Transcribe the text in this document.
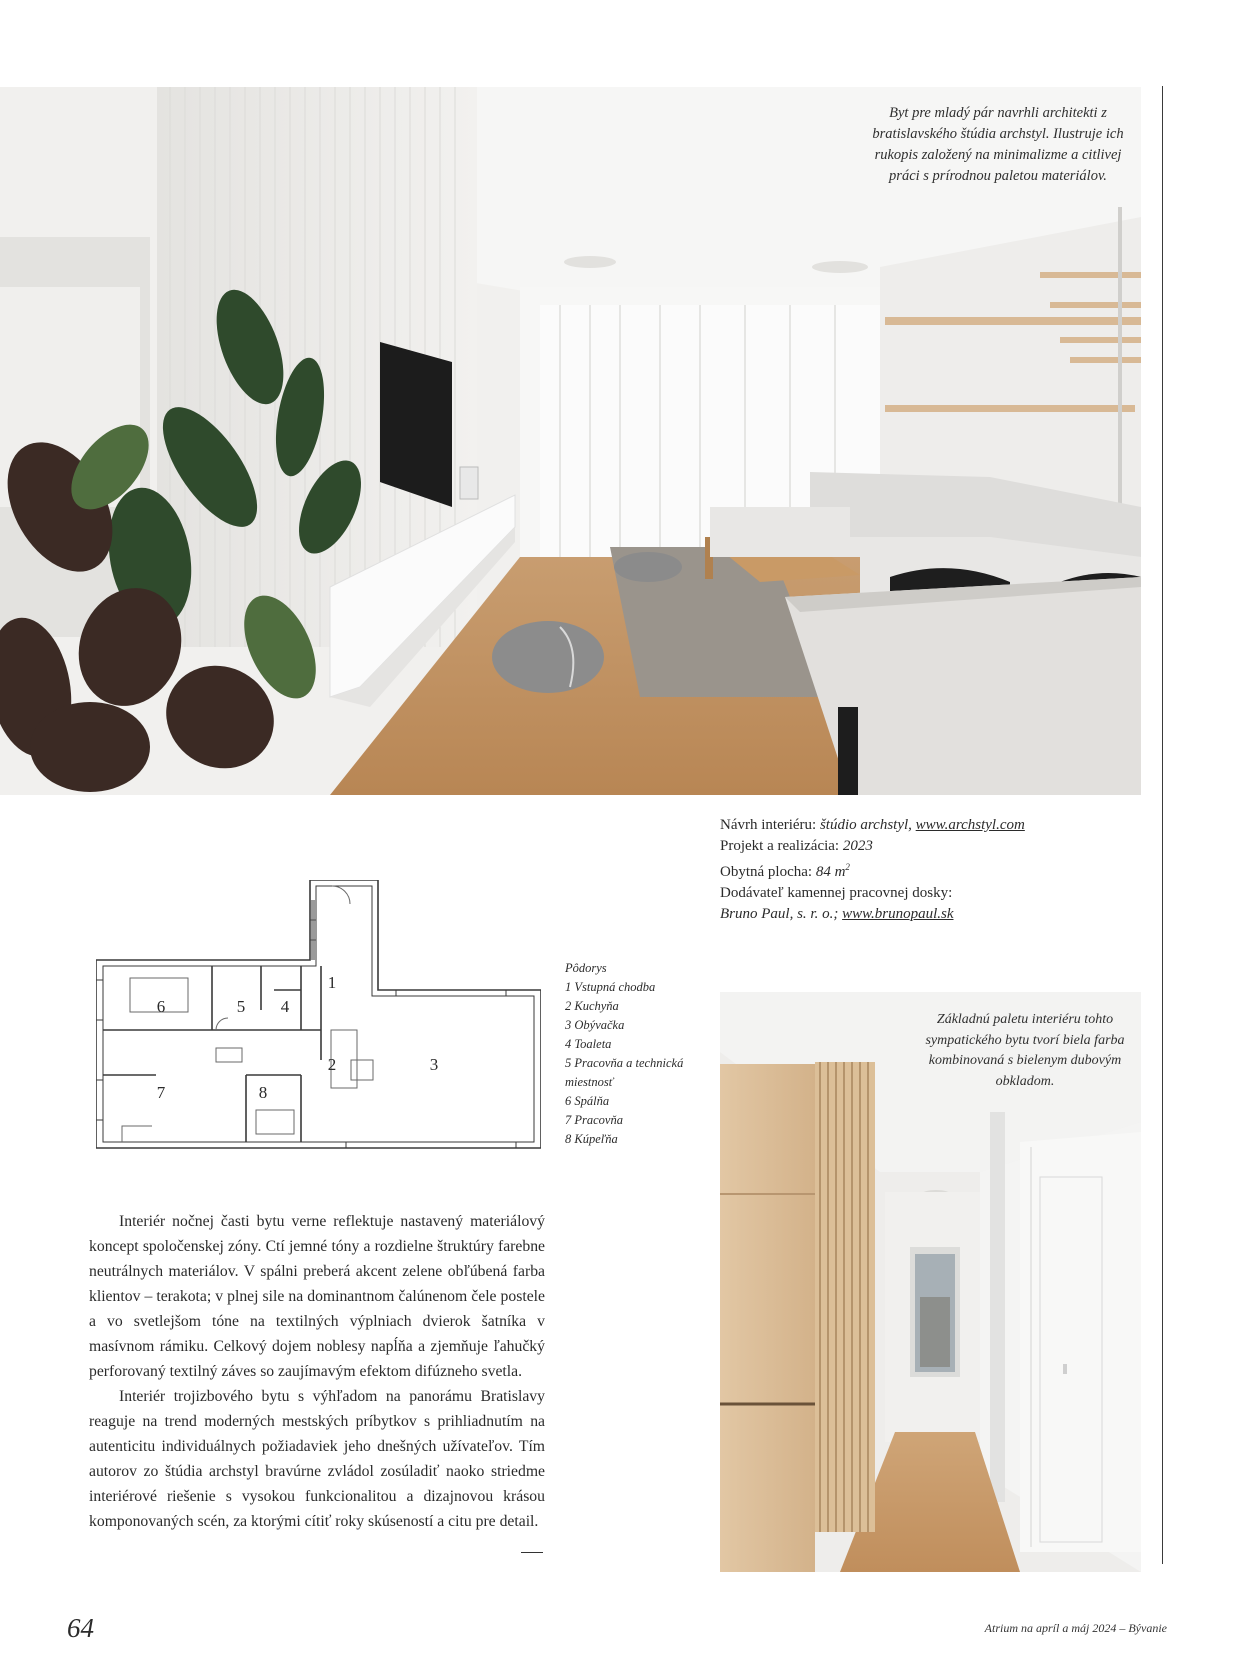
Byt pre mladý pár navrhli architekti z bratislavského štúdia archstyl. Ilustruje ich rukopis založený na minimalizme a citlivej práci s prírodnou paletou materiálov.
Návrh interiéru: štúdio archstyl, www.archstyl.com
Projekt a realizácia: 2023
Obytná plocha: 84 $m^2$
Dodávateľ kamennej pracovnej dosky:
Bruno Paul, s. r. o.; www.brunopaul.sk
1
2	3
4
5
6
7	8
Pôdorys
1 Vstupná chodba
2 Kuchyňa
3 Obývačka
4 Toaleta
5 Pracovňa a technická
miestnosť
6 Spálňa
7 Pracovňa
8 Kúpeľňa
Základnú paletu interiéru tohto sympatického bytu tvorí biela farba kombinovaná s bielenym dubovým obkladom.

Interiér nočnej časti bytu verne reflektuje nastavený materiálový koncept spoločenskej zóny. Ctí jemné tóny a rozdielne štruktúry farebne neutrálnych materiálov. V spálni preberá akcent zelene obľúbená farba klientov – terakota; v plnej sile na dominantnom čalúnenom čele postele a vo svetlejšom tóne na textilných výplniach dvierok šatníka v masívnom rámiku. Celkový dojem noblesy napĺňa a zjemňuje ľahučký perforovaný textilný záves so zaujímavým efektom difúzneho svetla.

Interiér trojizbového bytu s výhľadom na panorámu Bratislavy reaguje na trend moderných mestských príbytkov s prihliadnutím na autenticitu individuálnych požiadaviek jeho dnešných užívateľov. Tím autorov zo štúdia archstyl bravúrne zvládol zosúladiť naoko striedme interiérové riešenie s vysokou funkcionalitou a dizajnovou krásou komponovaných scén, za ktorými cítiť roky skúseností a citu pre detail.

64	Atrium na apríl a máj 2024 – Bývanie
